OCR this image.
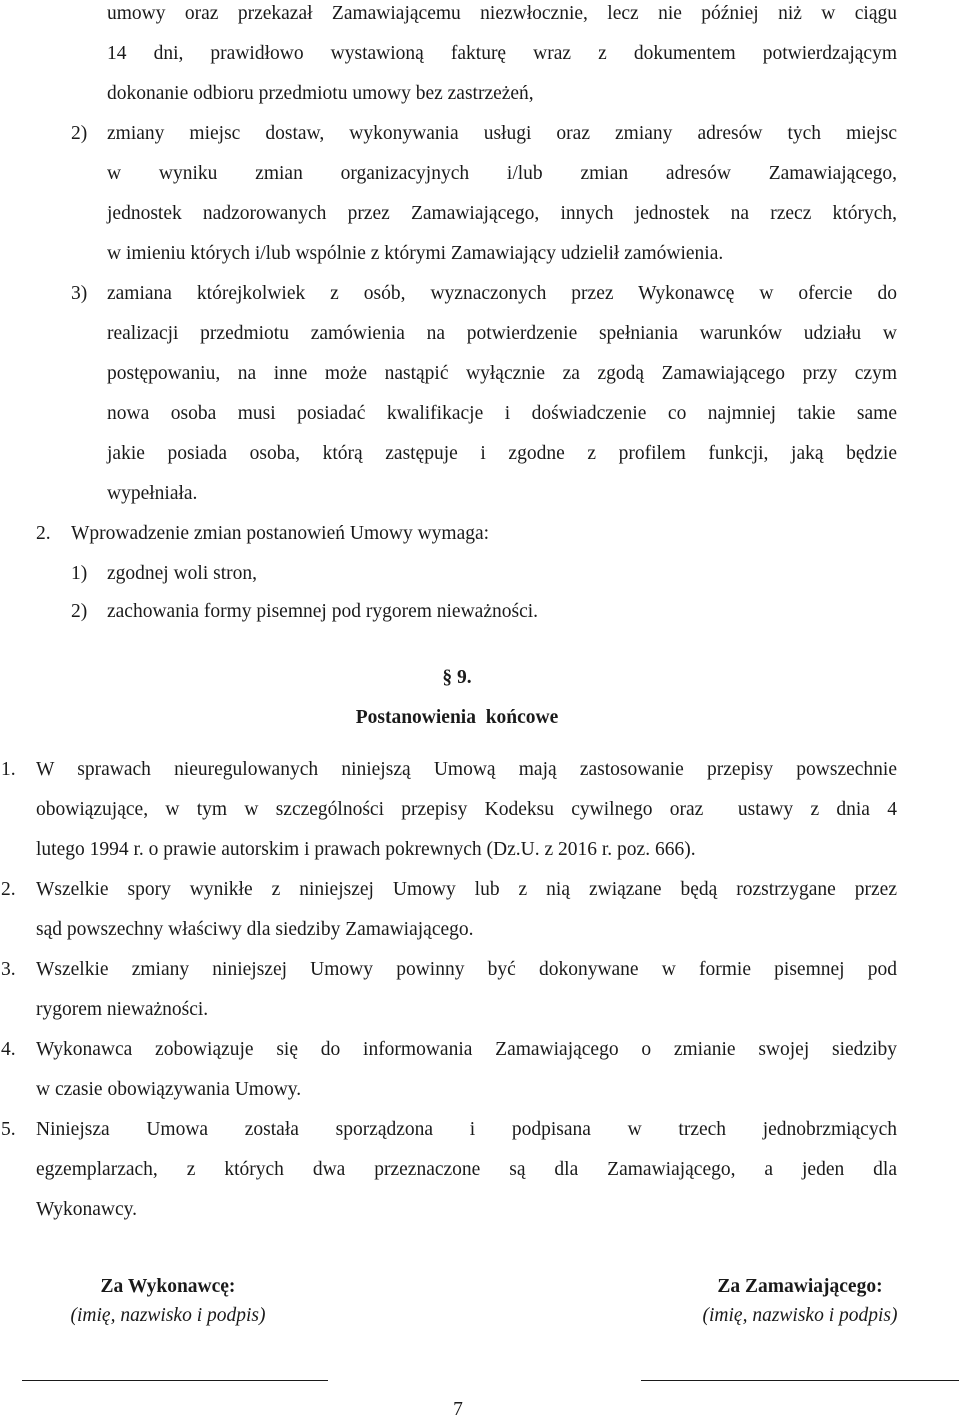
umowy oraz przekazał Zamawiającemu niezwłocznie, lecz nie później niż w ciągu
14 dni, prawidłowo wystawioną fakturę wraz z dokumentem potwierdzającym
dokonanie odbioru przedmiotu umowy bez zastrzeżeń,
2) zmiany miejsc dostaw, wykonywania usługi oraz zmiany adresów tych miejsc
w wyniku zmian organizacyjnych i/lub zmian adresów Zamawiającego,
jednostek nadzorowanych przez Zamawiającego, innych jednostek na rzecz których,
w imieniu których i/lub wspólnie z którymi Zamawiający udzielił zamówienia.
3) zamiana którejkolwiek z osób, wyznaczonych przez Wykonawcę w ofercie do
realizacji przedmiotu zamówienia na potwierdzenie spełniania warunków udziału w
postępowaniu, na inne może nastąpić wyłącznie za zgodą Zamawiającego przy czym
nowa osoba musi posiadać kwalifikacje i doświadczenie co najmniej takie same
jakie posiada osoba, którą zastępuje i zgodne z profilem funkcji, jaką będzie
wypełniała.
2. Wprowadzenie zmian postanowień Umowy wymaga:
1) zgodnej woli stron,
2) zachowania formy pisemnej pod rygorem nieważności.
§ 9.
Postanowienia  końcowe
1. W sprawach nieuregulowanych niniejszą Umową mają zastosowanie przepisy powszechnie
obowiązujące, w tym w szczególności przepisy Kodeksu cywilnego oraz  ustawy z dnia 4
lutego 1994 r. o prawie autorskim i prawach pokrewnych (Dz.U. z 2016 r. poz. 666).
2. Wszelkie spory wynikłe z niniejszej Umowy lub z nią związane będą rozstrzygane przez
sąd powszechny właściwy dla siedziby Zamawiającego.
3. Wszelkie zmiany niniejszej Umowy powinny być dokonywane w formie pisemnej pod
rygorem nieważności.
4. Wykonawca zobowiązuje się do informowania Zamawiającego o zmianie swojej siedziby
w czasie obowiązywania Umowy.
5. Niniejsza Umowa została sporządzona i podpisana w trzech jednobrzmiących
egzemplarzach, z których dwa przeznaczone są dla Zamawiającego, a jeden dla
Wykonawcy.
Za Wykonawcę:
(imię, nazwisko i podpis)
Za Zamawiającego:
(imię, nazwisko i podpis)
7
